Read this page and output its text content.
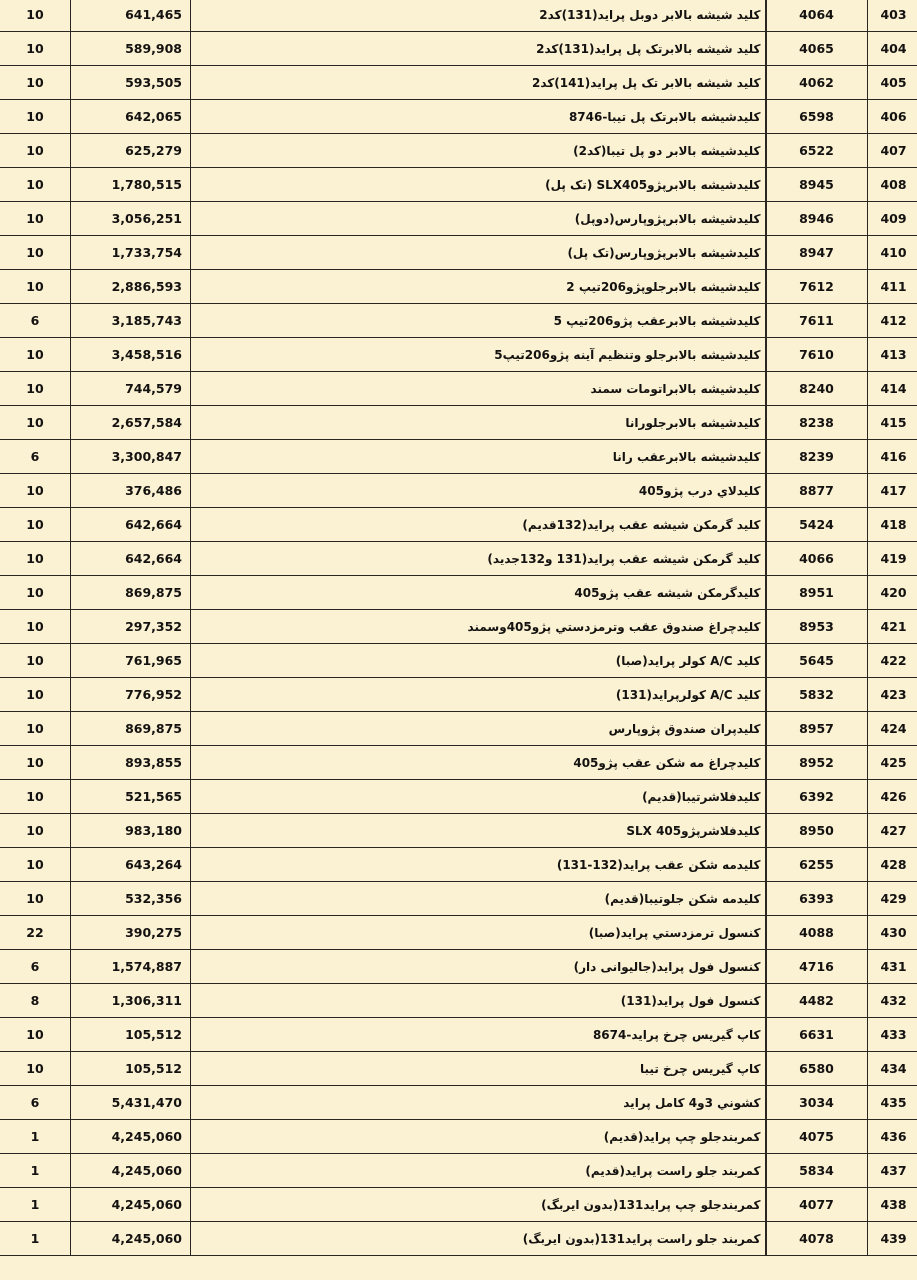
10	641,465	کلید شیشه بالابر دوبل پراید(131)کد2	4064	403
10	589,908	کلید شیشه بالابرتک پل پراید(131)کد2	4065	404
10	593,505	کلید شیشه بالابر تک پل پراید(141)کد2	4062	405
10	642,065	کلیدشیشه بالابرتک پل تیبا-8746	6598	406
10	625,279	کلیدشیشه بالابر دو پل تیبا(کد2)	6522	407
10	1,780,515	کلیدشیشه بالابرپژوSLX405 (تک پل)	8945	408
10	3,056,251	کلیدشیشه بالابرپژوپارس(دوپل)	8946	409
10	1,733,754	کلیدشیشه بالابرپژوپارس(تک پل)	8947	410
10	2,886,593	کلیدشیشه بالابرجلوپژو206تیپ 2	7612	411
6	3,185,743	کلیدشیشه بالابرعقب پژو206تیپ 5	7611	412
10	3,458,516	کلیدشیشه بالابرجلو وتنظیم آینه پژو206تیپ5	7610	413
10	744,579	کلیدشیشه بالابراتومات سمند	8240	414
10	2,657,584	کلیدشیشه بالابرجلورانا	8238	415
6	3,300,847	کلیدشیشه بالابرعقب رانا	8239	416
10	376,486	کلیدلاي درب پژو405	8877	417
10	642,664	کلید گرمکن شیشه عقب پراید(132قدیم)	5424	418
10	642,664	کلید گرمکن شیشه عقب پراید(131 و132جدید)	4066	419
10	869,875	کلیدگرمکن شیشه عقب پژو405	8951	420
10	297,352	کلیدچراغ صندوق عقب وترمزدستي پژو405وسمند	8953	421
10	761,965	کلید A/C کولر پراید(صبا)	5645	422
10	776,952	کلید A/C کولرپراید(131)	5832	423
10	869,875	کلیدپران صندوق پژوپارس	8957	424
10	893,855	کلیدچراغ مه شکن عقب پژو405	8952	425
10	521,565	کلیدفلاشرتیبا(قدیم)	6392	426
10	983,180	کلیدفلاشرپژو405 SLX	8950	427
10	643,264	کلیدمه شکن عقب پراید(132-131)	6255	428
10	532,356	کلیدمه شکن جلوتیبا(قدیم)	6393	429
22	390,275	کنسول ترمزدستي پراید(صبا)	4088	430
6	1,574,887	کنسول فول پراید(جالیوانی دار)	4716	431
8	1,306,311	کنسول فول پراید(131)	4482	432
10	105,512	کاپ گیریس چرخ پراید-8674	6631	433
10	105,512	کاپ گیریس چرخ تیبا	6580	434
6	5,431,470	کشوني 3و4 کامل پراید	3034	435
1	4,245,060	کمربندجلو چپ پراید(قدیم)	4075	436
1	4,245,060	کمربند جلو راست پراید(قدیم)	5834	437
1	4,245,060	کمربندجلو چپ پراید131(بدون ایربگ)	4077	438
1	4,245,060	کمربند جلو راست پراید131(بدون ایربگ)	4078	439
